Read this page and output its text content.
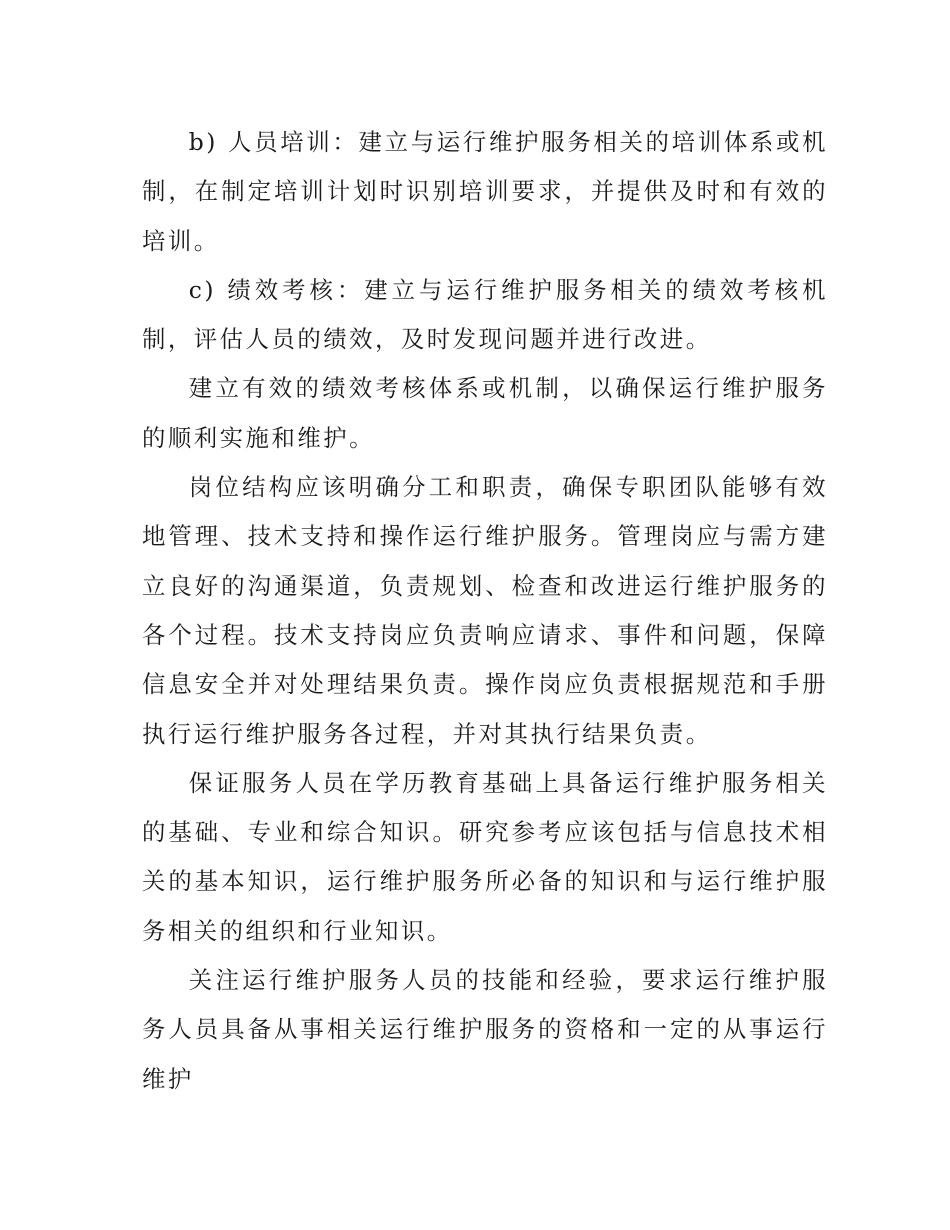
b) 人员培训：建立与运行维护服务相关的培训体系或机制，在制定培训计划时识别培训要求，并提供及时和有效的培训。

c) 绩效考核：建立与运行维护服务相关的绩效考核机制，评估人员的绩效，及时发现问题并进行改进。

建立有效的绩效考核体系或机制，以确保运行维护服务的顺利实施和维护。

岗位结构应该明确分工和职责，确保专职团队能够有效地管理、技术支持和操作运行维护服务。管理岗应与需方建立良好的沟通渠道，负责规划、检查和改进运行维护服务的各个过程。技术支持岗应负责响应请求、事件和问题，保障信息安全并对处理结果负责。操作岗应负责根据规范和手册执行运行维护服务各过程，并对其执行结果负责。

保证服务人员在学历教育基础上具备运行维护服务相关的基础、专业和综合知识。研究参考应该包括与信息技术相关的基本知识，运行维护服务所必备的知识和与运行维护服务相关的组织和行业知识。

关注运行维护服务人员的技能和经验，要求运行维护服务人员具备从事相关运行维护服务的资格和一定的从事运行维护
